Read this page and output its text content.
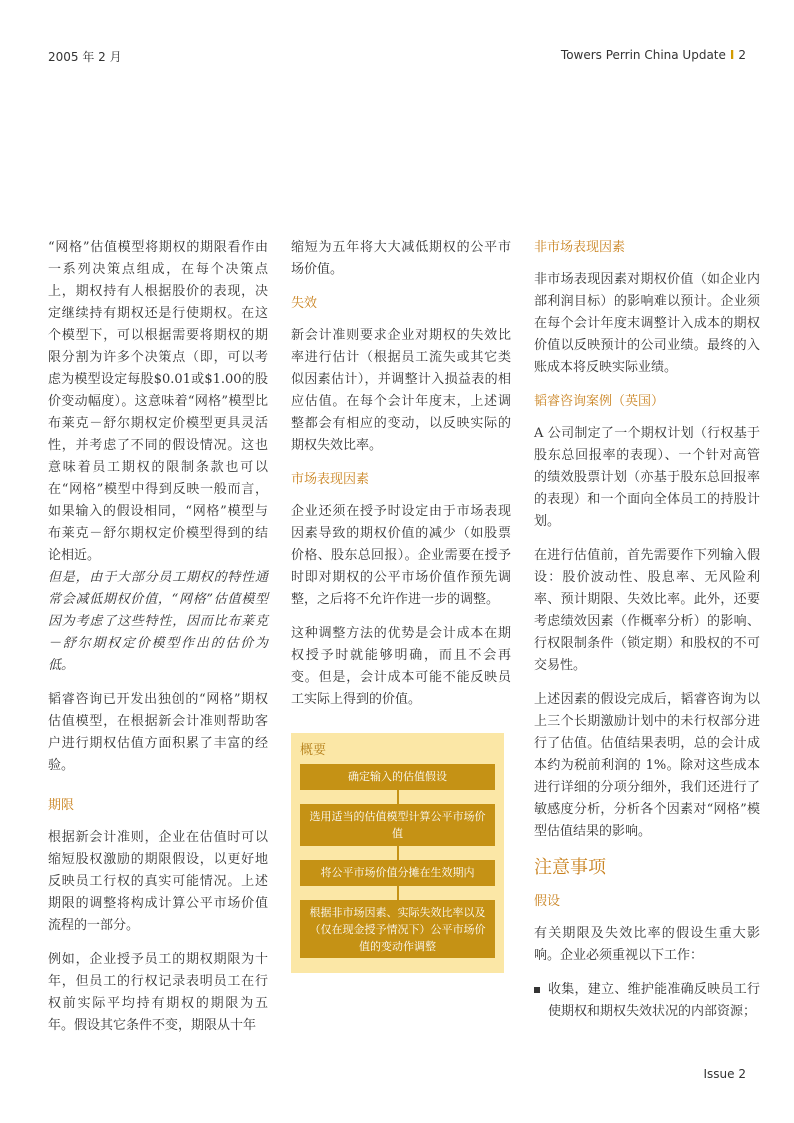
2005 年 2 月	Towers Perrin China Update I 2

“网格”估值模型将期权的期限看作由一系列决策点组成，在每个决策点上，期权持有人根据股价的表现，决定继续持有期权还是行使期权。在这个模型下，可以根据需要将期权的期限分割为许多个决策点（即，可以考虑为模型设定每股$0.01或$1.00的股价变动幅度）。这意味着“网格”模型比布莱克－舒尔期权定价模型更具灵活性，并考虑了不同的假设情况。这也意味着员工期权的限制条款也可以在“网格”模型中得到反映一般而言，如果输入的假设相同，“网格”模型与布莱克－舒尔期权定价模型得到的结论相近。

但是，由于大部分员工期权的特性通常会减低期权价值，“网格”估值模型因为考虑了这些特性，因而比布莱克－舒尔期权定价模型作出的估价为低。

韬睿咨询已开发出独创的“网格”期权估值模型，在根据新会计准则帮助客户进行期权估值方面积累了丰富的经验。

期限

根据新会计准则，企业在估值时可以缩短股权激励的期限假设，以更好地反映员工行权的真实可能情况。上述期限的调整将构成计算公平市场价值流程的一部分。

例如，企业授予员工的期权期限为十年，但员工的行权记录表明员工在行权前实际平均持有期权的期限为五年。假设其它条件不变，期限从十年

缩短为五年将大大减低期权的公平市场价值。

失效

新会计准则要求企业对期权的失效比率进行估计（根据员工流失或其它类似因素估计），并调整计入损益表的相应估值。在每个会计年度末，上述调整都会有相应的变动，以反映实际的期权失效比率。

市场表现因素

企业还须在授予时设定由于市场表现因素导致的期权价值的减少（如股票价格、股东总回报）。企业需要在授予时即对期权的公平市场价值作预先调整，之后将不允许作进一步的调整。

这种调整方法的优势是会计成本在期权授予时就能够明确，而且不会再变。但是，会计成本可能不能反映员工实际上得到的价值。

概要
确定输入的估值假设
选用适当的估值模型计算公平市场价值
将公平市场价值分摊在生效期内
根据非市场因素、实际失效比率以及（仅在现金授予情况下）公平市场价值的变动作调整
非市场表现因素

非市场表现因素对期权价值（如企业内部利润目标）的影响难以预计。企业须在每个会计年度末调整计入成本的期权价值以反映预计的公司业绩。最终的入账成本将反映实际业绩。

韬睿咨询案例（英国）

A 公司制定了一个期权计划（行权基于股东总回报率的表现）、一个针对高管的绩效股票计划（亦基于股东总回报率的表现）和一个面向全体员工的持股计划。

在进行估值前，首先需要作下列输入假设：股价波动性、股息率、无风险利率、预计期限、失效比率。此外，还要考虑绩效因素（作概率分析）的影响、行权限制条件（锁定期）和股权的不可交易性。

上述因素的假设完成后，韬睿咨询为以上三个长期激励计划中的未行权部分进行了估值。估值结果表明，总的会计成本约为税前利润的 1%。除对这些成本进行详细的分项分细外，我们还进行了敏感度分析，分析各个因素对“网格”模型估值结果的影响。

注意事项
假设

有关期限及失效比率的假设生重大影响。企业必须重视以下工作：

收集，建立、维护能准确反映员工行使期权和期权失效状况的内部资源；

Issue 2
